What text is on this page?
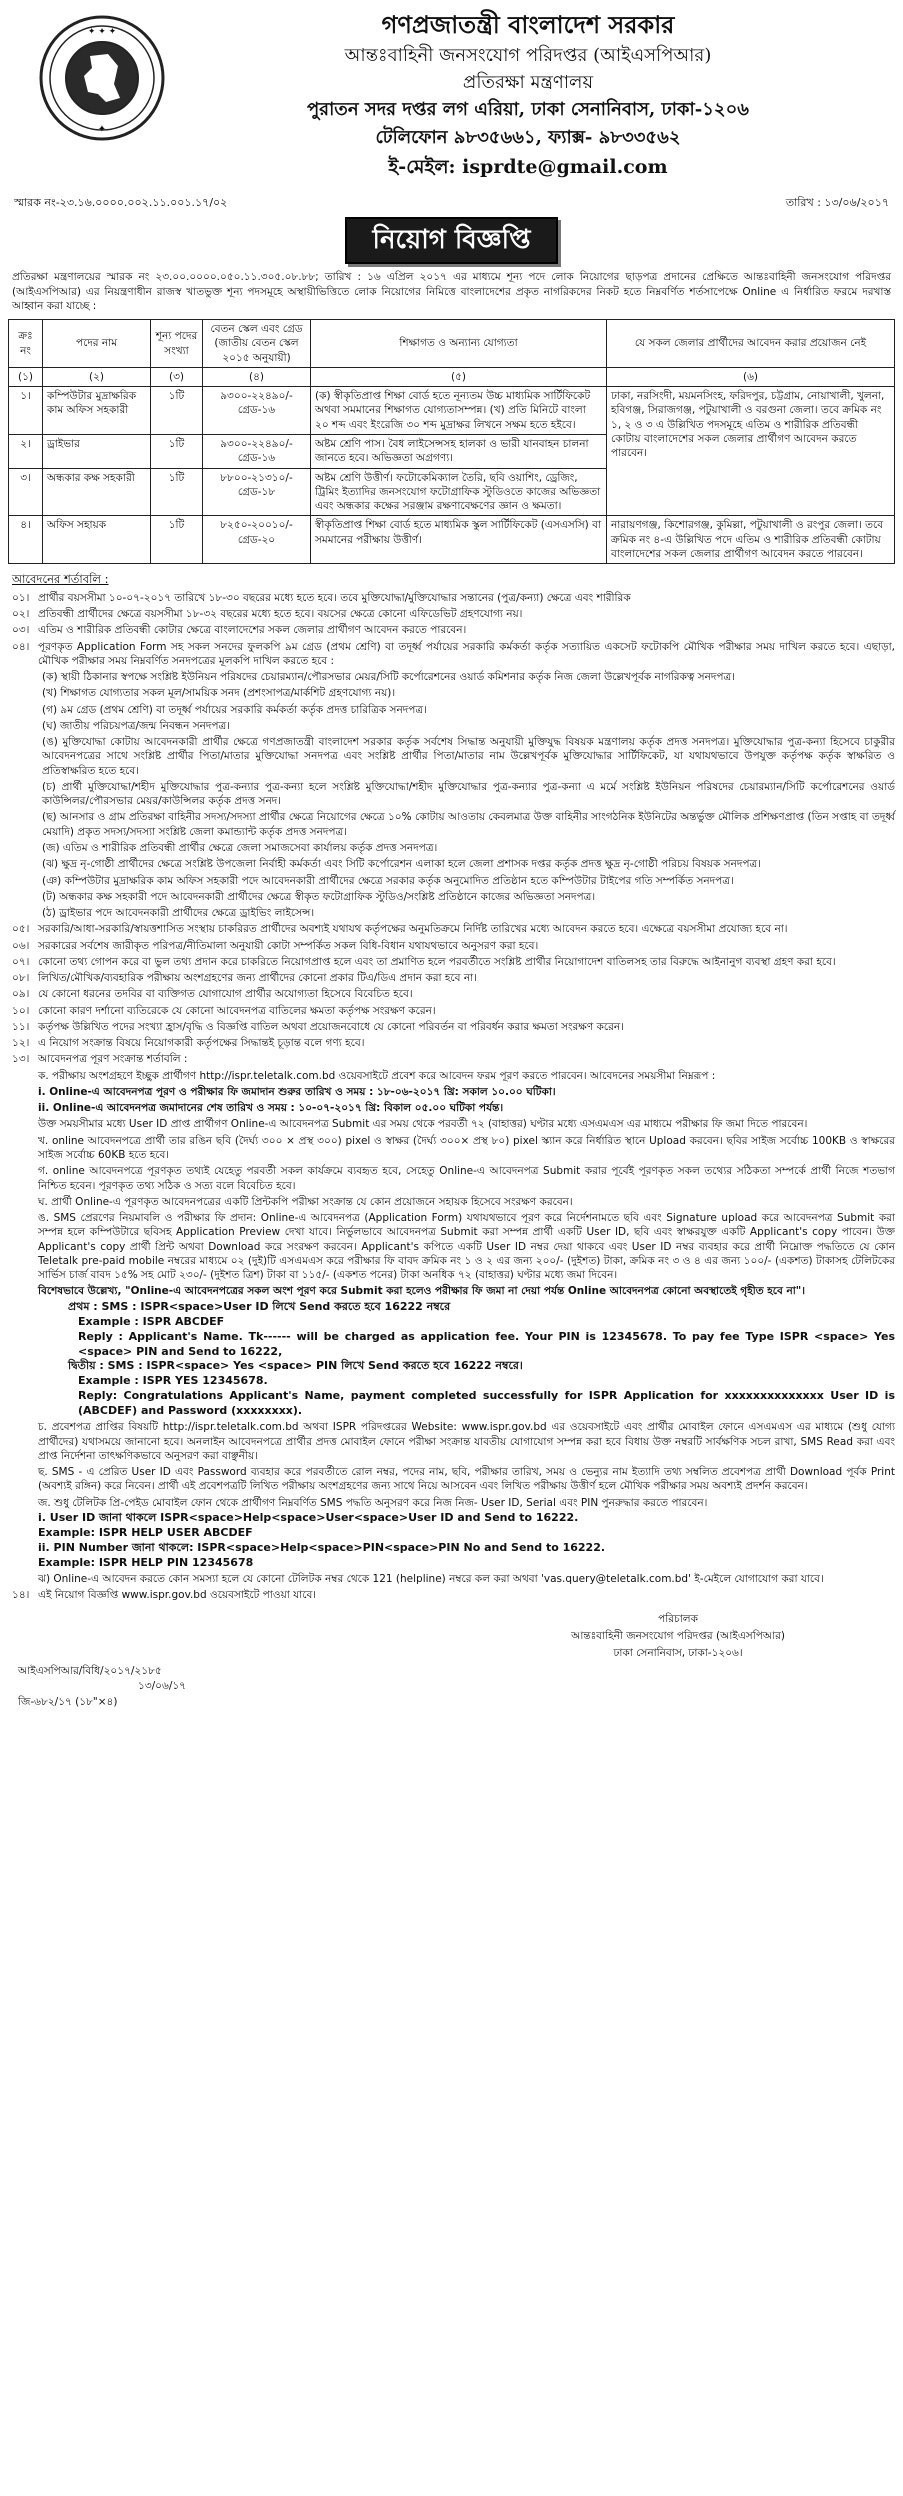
✦ ✦ ✦
✦
গণপ্রজাতন্ত্রী বাংলাদেশ সরকার
আন্তঃবাহিনী জনসংযোগ পরিদপ্তর (আইএসপিআর)
প্রতিরক্ষা মন্ত্রণালয়
পুরাতন সদর দপ্তর লগ এরিয়া, ঢাকা সেনানিবাস, ঢাকা-১২০৬
টেলিফোন ৯৮৩৫৬৬১, ফ্যাক্স- ৯৮৩৩৫৬২
ই-মেইল: isprdte@gmail.com
স্মারক নং-২৩.১৬.০০০০.০০২.১১.০০১.১৭/০২	তারিখ : ১৩/০৬/২০১৭
নিয়োগ বিজ্ঞপ্তি
প্রতিরক্ষা মন্ত্রণালয়ের স্মারক নং ২৩.০০.০০০০.০৫০.১১.৩০৫.০৮.৮৮; তারিখ : ১৬ এপ্রিল ২০১৭ এর মাধ্যমে শূন্য পদে লোক নিয়োগের ছাড়পত্র প্রদানের প্রেক্ষিতে আন্তঃবাহিনী জনসংযোগ পরিদপ্তর (আইএসপিআর) এর নিয়ন্ত্রণাধীন রাজস্ব খাতভুক্ত শূন্য পদসমূহে অস্থায়ীভিত্তিতে লোক নিয়োগের নিমিত্তে বাংলাদেশের প্রকৃত নাগরিকদের নিকট হতে নিম্নবর্ণিত শর্তসাপেক্ষে Online এ নির্ধারিত ফরমে দরখাস্ত আহ্বান করা যাচ্ছে :
ক্রঃ নং	পদের নাম	শূন্য পদের সংখ্যা	বেতন স্কেল এবং গ্রেড (জাতীয় বেতন স্কেল ২০১৫ অনুযায়ী)	শিক্ষাগত ও অন্যান্য যোগ্যতা	যে সকল জেলার প্রার্থীদের আবেদন করার প্রয়োজন নেই
(১)	(২)	(৩)	(৪)	(৫)	(৬)
১।	কম্পিউটার মুদ্রাক্ষরিক কাম অফিস সহকারী	১টি	৯৩০০-২২৪৯০/- গ্রেড-১৬	(ক) স্বীকৃতিপ্রাপ্ত শিক্ষা বোর্ড হতে নূন্যতম উচ্চ মাধ্যমিক সার্টিফিকেট অথবা সমমানের শিক্ষাগত যোগ্যতাসম্পন্ন। (খ) প্রতি মিনিটে বাংলা ২০ শব্দ এবং ইংরেজি ৩০ শব্দ মুদ্রাক্ষর লিখনে সক্ষম হতে হইবে।	ঢাকা, নরসিংদী, ময়মনসিংহ, ফরিদপুর, চট্টগ্রাম, নোয়াখালী, খুলনা, হবিগঞ্জ, সিরাজগঞ্জ, পটুয়াখালী ও বরগুনা জেলা। তবে ক্রমিক নং ১, ২ ও ৩ এ উল্লিখিত পদসমূহে এতিম ও শারীরিক প্রতিবন্ধী কোটায় বাংলাদেশের সকল জেলার প্রার্থীগণ আবেদন করতে পারবেন।
২।	ড্রাইভার	১টি	৯৩০০-২২৪৯০/- গ্রেড-১৬	অষ্টম শ্রেণি পাস। বৈধ লাইসেন্সসহ হালকা ও ভারী যানবাহন চালনা জানতে হবে। অভিজ্ঞতা অগ্রগণ্য।	
৩।	অন্ধকার কক্ষ সহকারী	১টি	৮৮০০-২১৩১০/- গ্রেড-১৮	অষ্টম শ্রেণি উত্তীর্ণ। ফটোকেমিক্যাল তৈরি, ছবি ওয়াশিং, ড্রেজিং, ট্রিমিং ইত্যাদির জনসংযোগ ফটোগ্রাফিক স্টুডিওতে কাজের অভিজ্ঞতা এবং অন্ধকার কক্ষের সরঞ্জাম রক্ষণাবেক্ষণের জ্ঞান ও ক্ষমতা।	
৪।	অফিস সহায়ক	১টি	৮২৫০-২০০১০/- গ্রেড-২০	স্বীকৃতিপ্রাপ্ত শিক্ষা বোর্ড হতে মাধ্যমিক স্কুল সার্টিফিকেট (এসএসসি) বা সমমানের পরীক্ষায় উত্তীর্ণ।	নারায়ণগঞ্জ, কিশোরগঞ্জ, কুমিল্লা, পটুয়াখালী ও রংপুর জেলা। তবে ক্রমিক নং ৪-এ উল্লিখিত পদে এতিম ও শারীরিক প্রতিবন্ধী কোটায় বাংলাদেশের সকল জেলার প্রার্থীগণ আবেদন করতে পারবেন।
আবেদনের শর্তাবলি :
০১। প্রার্থীর বয়সসীমা ১০-০৭-২০১৭ তারিখে ১৮-৩০ বছরের মধ্যে হতে হবে। তবে মুক্তিযোদ্ধা/মুক্তিযোদ্ধার সন্তানের (পুত্র/কন্যা) ক্ষেত্রে এবং শারীরিক
০২। প্রতিবন্ধী প্রার্থীদের ক্ষেত্রে বয়সসীমা ১৮-৩২ বছরের মধ্যে হতে হবে। বয়সের ক্ষেত্রে কোনো এফিডেভিট গ্রহণযোগ্য নয়।
০৩। এতিম ও শারীরিক প্রতিবন্ধী কোটার ক্ষেত্রে বাংলাদেশের সকল জেলার প্রার্থীগণ আবেদন করতে পারবেন।
০৪। পূরণকৃত Application Form সহ সকল সনদের ফুলকপি ৯ম গ্রেড (প্রথম শ্রেণি) বা তদূর্ধ্ব পর্যায়ের সরকারি কর্মকর্তা কর্তৃক সত্যায়িত একসেট ফটোকপি মৌখিক পরীক্ষার সময় দাখিল করতে হবে। এছাড়া, মৌখিক পরীক্ষার সময় নিম্নবর্ণিত সনদপত্রের মূলকপি দাখিল করতে হবে :
(ক) স্থায়ী ঠিকানার স্বপক্ষে সংশ্লিষ্ট ইউনিয়ন পরিষদের চেয়ারম্যান/পৌরসভার মেয়র/সিটি কর্পোরেশনের ওয়ার্ড কমিশনার কর্তৃক নিজ জেলা উল্লেখপূর্বক নাগরিকত্ব সনদপত্র।
(খ) শিক্ষাগত যোগ্যতার সকল মূল/সাময়িক সনদ (প্রশংসাপত্র/মার্কশিট গ্রহণযোগ্য নয়)।
(গ) ৯ম গ্রেড (প্রথম শ্রেণি) বা তদূর্ধ্ব পর্যায়ের সরকারি কর্মকর্তা কর্তৃক প্রদত্ত চারিত্রিক সনদপত্র।
(ঘ) জাতীয় পরিচয়পত্র/জন্ম নিবন্ধন সনদপত্র।
(ঙ) মুক্তিযোদ্ধা কোটায় আবেদনকারী প্রার্থীর ক্ষেত্রে গণপ্রজাতন্ত্রী বাংলাদেশ সরকার কর্তৃক সর্বশেষ সিদ্ধান্ত অনুযায়ী মুক্তিযুদ্ধ বিষয়ক মন্ত্রণালয় কর্তৃক প্রদত্ত সনদপত্র। মুক্তিযোদ্ধার পুত্র-কন্যা হিসেবে চাকুরীর আবেদনপত্রের সাথে সংশ্লিষ্ট প্রার্থীর পিতা/মাতার মুক্তিযোদ্ধা সনদপত্র এবং সংশ্লিষ্ট প্রার্থীর পিতা/মাতার নাম উল্লেখপূর্বক মুক্তিযোদ্ধার সার্টিফিকেট, যা যথাযথভাবে উপযুক্ত কর্তৃপক্ষ কর্তৃক স্বাক্ষরিত ও প্রতিস্বাক্ষরিত হতে হবে।
(চ) প্রার্থী মুক্তিযোদ্ধা/শহীদ মুক্তিযোদ্ধার পুত্র-কন্যার পুত্র-কন্যা হলে সংশ্লিষ্ট মুক্তিযোদ্ধা/শহীদ মুক্তিযোদ্ধার পুত্র-কন্যার পুত্র-কন্যা এ মর্মে সংশ্লিষ্ট ইউনিয়ন পরিষদের চেয়ারম্যান/সিটি কর্পোরেশনের ওয়ার্ড কাউন্সিলর/পৌরসভার মেয়র/কাউন্সিলর কর্তৃক প্রদত্ত সনদ।
(ছ) আনসার ও গ্রাম প্রতিরক্ষা বাহিনীর সদস্য/সদস্যা প্রার্থীর ক্ষেত্রে নিয়োগের ক্ষেত্রে ১০% কোটায় আওতায় কেবলমাত্র উক্ত বাহিনীর সাংগঠনিক ইউনিটের অন্তর্ভুক্ত মৌলিক প্রশিক্ষণপ্রাপ্ত (তিন সপ্তাহ বা তদূর্ধ্ব মেয়াদি) প্রকৃত সদস্য/সদস্যা সংশ্লিষ্ট জেলা কমান্ড্যান্ট কর্তৃক প্রদত্ত সনদপত্র।
(জ) এতিম ও শারীরিক প্রতিবন্ধী প্রার্থীর ক্ষেত্রে জেলা সমাজসেবা কার্যালয় কর্তৃক প্রদত্ত সনদপত্র।
(ঝ) ক্ষুদ্র নৃ-গোষ্ঠী প্রার্থীদের ক্ষেত্রে সংশ্লিষ্ট উপজেলা নির্বাহী কর্মকর্তা এবং সিটি কর্পোরেশন এলাকা হলে জেলা প্রশাসক দপ্তর কর্তৃক প্রদত্ত ক্ষুদ্র নৃ-গোষ্ঠী পরিচয় বিষয়ক সনদপত্র।
(ঞ) কম্পিউটার মুদ্রাক্ষরিক কাম অফিস সহকারী পদে আবেদনকারী প্রার্থীদের ক্ষেত্রে সরকার কর্তৃক অনুমোদিত প্রতিষ্ঠান হতে কম্পিউটার টাইপের গতি সম্পর্কিত সনদপত্র।
(ট) অন্ধকার কক্ষ সহকারী পদে আবেদনকারী প্রার্থীদের ক্ষেত্রে স্বীকৃত ফটোগ্রাফিক স্টুডিও/সংশ্লিষ্ট প্রতিষ্ঠানে কাজের অভিজ্ঞতা সনদপত্র।
(ঠ) ড্রাইভার পদে আবেদনকারী প্রার্থীদের ক্ষেত্রে ড্রাইভিং লাইসেন্স।
০৫। সরকারি/আধা-সরকারি/স্বায়ত্তশাসিত সংস্থায় চাকরিরত প্রার্থীদের অবশ্যই যথাযথ কর্তৃপক্ষের অনুমতিক্রমে নির্দিষ্ট তারিখের মধ্যে আবেদন করতে হবে। এক্ষেত্রে বয়সসীমা প্রযোজ্য হবে না।
০৬। সরকারের সর্বশেষ জারীকৃত পরিপত্র/নীতিমালা অনুযায়ী কোটা সম্পর্কিত সকল বিধি-বিধান যথাযথভাবে অনুসরণ করা হবে।
০৭। কোনো তথ্য গোপন করে বা ভুল তথ্য প্রদান করে চাকরিতে নিয়োগপ্রাপ্ত হলে এবং তা প্রমাণিত হলে পরবর্তীতে সংশ্লিষ্ট প্রার্থীর নিয়োগাদেশ বাতিলসহ তার বিরুদ্ধে আইনানুগ ব্যবস্থা গ্রহণ করা হবে।
০৮। লিখিত/মৌখিক/ব্যবহারিক পরীক্ষায় অংশগ্রহণের জন্য প্রার্থীদের কোনো প্রকার টিএ/ডিএ প্রদান করা হবে না।
০৯। যে কোনো ধরনের তদবির বা ব্যক্তিগত যোগাযোগ প্রার্থীর অযোগ্যতা হিসেবে বিবেচিত হবে।
১০। কোনো কারণ দর্শানো ব্যতিরেকে যে কোনো আবেদনপত্র বাতিলের ক্ষমতা কর্তৃপক্ষ সংরক্ষণ করেন।
১১। কর্তৃপক্ষ উল্লিখিত পদের সংখ্যা হ্রাস/বৃদ্ধি ও বিজ্ঞপ্তি বাতিল অথবা প্রয়োজনবোধে যে কোনো পরিবর্তন বা পরিবর্ধন করার ক্ষমতা সংরক্ষণ করেন।
১২। এ নিয়োগ সংক্রান্ত বিষয়ে নিয়োগকারী কর্তৃপক্ষের সিদ্ধান্তই চূড়ান্ত বলে গণ্য হবে।
১৩। আবেদনপত্র পূরণ সংক্রান্ত শর্তাবলি :
ক. পরীক্ষায় অংশগ্রহণে ইচ্ছুক প্রার্থীগণ http://ispr.teletalk.com.bd ওয়েবসাইটে প্রবেশ করে আবেদন ফরম পূরণ করতে পারবেন। আবেদনের সময়সীমা নিম্নরূপ :
i. Online-এ আবেদনপত্র পূরণ ও পরীক্ষার ফি জমাদান শুরুর তারিখ ও সময় : ১৮-০৬-২০১৭ খ্রি: সকাল ১০.০০ ঘটিকা।
ii. Online-এ আবেদনপত্র জমাদানের শেষ তারিখ ও সময় : ১০-০৭-২০১৭ খ্রি: বিকাল ০৫.০০ ঘটিকা পর্যন্ত।
উক্ত সময়সীমার মধ্যে User ID প্রাপ্ত প্রার্থীগণ Online-এ আবেদনপত্র Submit এর সময় থেকে পরবর্তী ৭২ (বাহাত্তর) ঘণ্টার মধ্যে এসএমএস এর মাধ্যমে পরীক্ষার ফি জমা দিতে পারবেন।
খ. online আবেদনপত্রে প্রার্থী তার রঙিন ছবি (দৈর্ঘ্য ৩০০ × প্রস্থ ৩০০) pixel ও স্বাক্ষর (দৈর্ঘ্য ৩০০× প্রস্থ ৮০) pixel স্ক্যান করে নির্ধারিত স্থানে Upload করবেন। ছবির সাইজ সর্বোচ্চ 100KB ও স্বাক্ষরের সাইজ সর্বোচ্চ 60KB হতে হবে।
গ. online আবেদনপত্রে পূরণকৃত তথ্যই যেহেতু পরবর্তী সকল কার্যক্রমে ব্যবহৃত হবে, সেহেতু Online-এ আবেদনপত্র Submit করার পূর্বেই পূরণকৃত সকল তথ্যের সঠিকতা সম্পর্কে প্রার্থী নিজে শতভাগ নিশ্চিত হবেন। পূরণকৃত তথ্য সঠিক ও সত্য বলে বিবেচিত হবে।
ঘ. প্রার্থী Online-এ পূরণকৃত আবেদনপত্রের একটি প্রিন্টকপি পরীক্ষা সংক্রান্ত যে কোন প্রয়োজনে সহায়ক হিসেবে সংরক্ষণ করবেন।
ঙ. SMS প্রেরণের নিয়মাবলি ও পরীক্ষার ফি প্রদান: Online-এ আবেদনপত্র (Application Form) যথাযথভাবে পূরণ করে নির্দেশনামতে ছবি এবং Signature upload করে আবেদনপত্র Submit করা সম্পন্ন হলে কম্পিউটারে ছবিসহ Application Preview দেখা যাবে। নির্ভুলভাবে আবেদনপত্র Submit করা সম্পন্ন প্রার্থী একটি User ID, ছবি এবং স্বাক্ষরযুক্ত একটি Applicant's copy পাবেন। উক্ত Applicant's copy প্রার্থী প্রিন্ট অথবা Download করে সংরক্ষণ করবেন। Applicant's কপিতে একটি User ID নম্বর দেয়া থাকবে এবং User ID নম্বর ব্যবহার করে প্রার্থী নিম্নোক্ত পদ্ধতিতে যে কোন Teletalk pre-paid mobile নম্বরের মাধ্যমে ০২ (দুই)টি এসএমএস করে পরীক্ষার ফি বাবদ ক্রমিক নং ১ ও ২ এর জন্য ২০০/- (দুইশত) টাকা, ক্রমিক নং ৩ ও ৪ এর জন্য ১০০/- (একশত) টাকাসহ টেলিটকের সার্ভিস চার্জ বাবদ ১৫% সহ মোট ২৩০/- (দুইশত ত্রিশ) টাকা বা ১১৫/- (একশত পনের) টাকা অনধিক ৭২ (বাহাত্তর) ঘণ্টার মধ্যে জমা দিবেন।
বিশেষভাবে উল্লেখ্য, "Online-এ আবেদনপত্রের সকল অংশ পূরণ করে Submit করা হলেও পরীক্ষার ফি জমা না দেয়া পর্যন্ত Online আবেদনপত্র কোনো অবস্থাতেই গৃহীত হবে না"।
প্রথম : SMS : ISPR<space>User ID লিখে Send করতে হবে 16222 নম্বরে
Example : ISPR ABCDEF
Reply : Applicant's Name. Tk------ will be charged as application fee. Your PIN is 12345678. To pay fee Type ISPR <space> Yes <space> PIN and Send to 16222,
দ্বিতীয় : SMS : ISPR<space> Yes <space> PIN লিখে Send করতে হবে 16222 নম্বরে।
Example : ISPR YES 12345678.
Reply: Congratulations Applicant's Name, payment completed successfully for ISPR Application for xxxxxxxxxxxxxx User ID is (ABCDEF) and Password (xxxxxxxx).
চ. প্রবেশপত্র প্রাপ্তির বিষয়টি http://ispr.teletalk.com.bd অথবা ISPR পরিদপ্তরের Website: www.ispr.gov.bd এর ওয়েবসাইটে এবং প্রার্থীর মোবাইল ফোনে এসএমএস এর মাধ্যমে (শুধু যোগ্য প্রার্থীদের) যথাসময়ে জানানো হবে। অনলাইন আবেদনপত্রে প্রার্থীর প্রদত্ত মোবাইল ফোনে পরীক্ষা সংক্রান্ত যাবতীয় যোগাযোগ সম্পন্ন করা হবে বিধায় উক্ত নম্বরটি সার্বক্ষণিক সচল রাখা, SMS Read করা এবং প্রাপ্ত নির্দেশনা তাৎক্ষণিকভাবে অনুসরণ করা বাঞ্ছনীয়।
ছ. SMS - এ প্রেরিত User ID এবং Password ব্যবহার করে পরবর্তীতে রোল নম্বর, পদের নাম, ছবি, পরীক্ষার তারিখ, সময় ও ভেন্যুর নাম ইত্যাদি তথ্য সম্বলিত প্রবেশপত্র প্রার্থী Download পূর্বক Print (অবশ্যই রঙ্গিন) করে নিবেন। প্রার্থী এই প্রবেশপত্রটি লিখিত পরীক্ষায় অংশগ্রহণের জন্য সাথে নিয়ে আসবেন এবং লিখিত পরীক্ষায় উত্তীর্ণ হলে মৌখিক পরীক্ষার সময় অবশ্যই প্রদর্শন করবেন।
জ. শুধু টেলিটক প্রি-পেইড মোবাইল ফোন থেকে প্রার্থীগণ নিম্নবর্ণিত SMS পদ্ধতি অনুসরণ করে নিজ নিজ- User ID, Serial এবং PIN পুনরুদ্ধার করতে পারবেন।
i. User ID জানা থাকলে ISPR<space>Help<space>User<space>User ID and Send to 16222.
Example: ISPR HELP USER ABCDEF
ii. PIN Number জানা থাকলে: ISPR<space>Help<space>PIN<space>PIN No and Send to 16222.
Example: ISPR HELP PIN 12345678
ঝ) Online-এ আবেদন করতে কোন সমস্যা হলে যে কোনো টেলিটক নম্বর থেকে 121 (helpline) নম্বরে কল করা অথবা 'vas.query@teletalk.com.bd' ই-মেইলে যোগাযোগ করা যাবে।
১৪। এই নিয়োগ বিজ্ঞপ্তি www.ispr.gov.bd ওয়েবসাইটে পাওয়া যাবে।
পরিচালক
আন্তঃবাহিনী জনসংযোগ পরিদপ্তর (আইএসপিআর)
ঢাকা সেনানিবাস, ঢাকা-১২০৬।
আইএসপিআর/বিধি/২০১৭/২১৮৫
১৩/০৬/১৭
জি-৬৮২/১৭ (১৮"×৪)
